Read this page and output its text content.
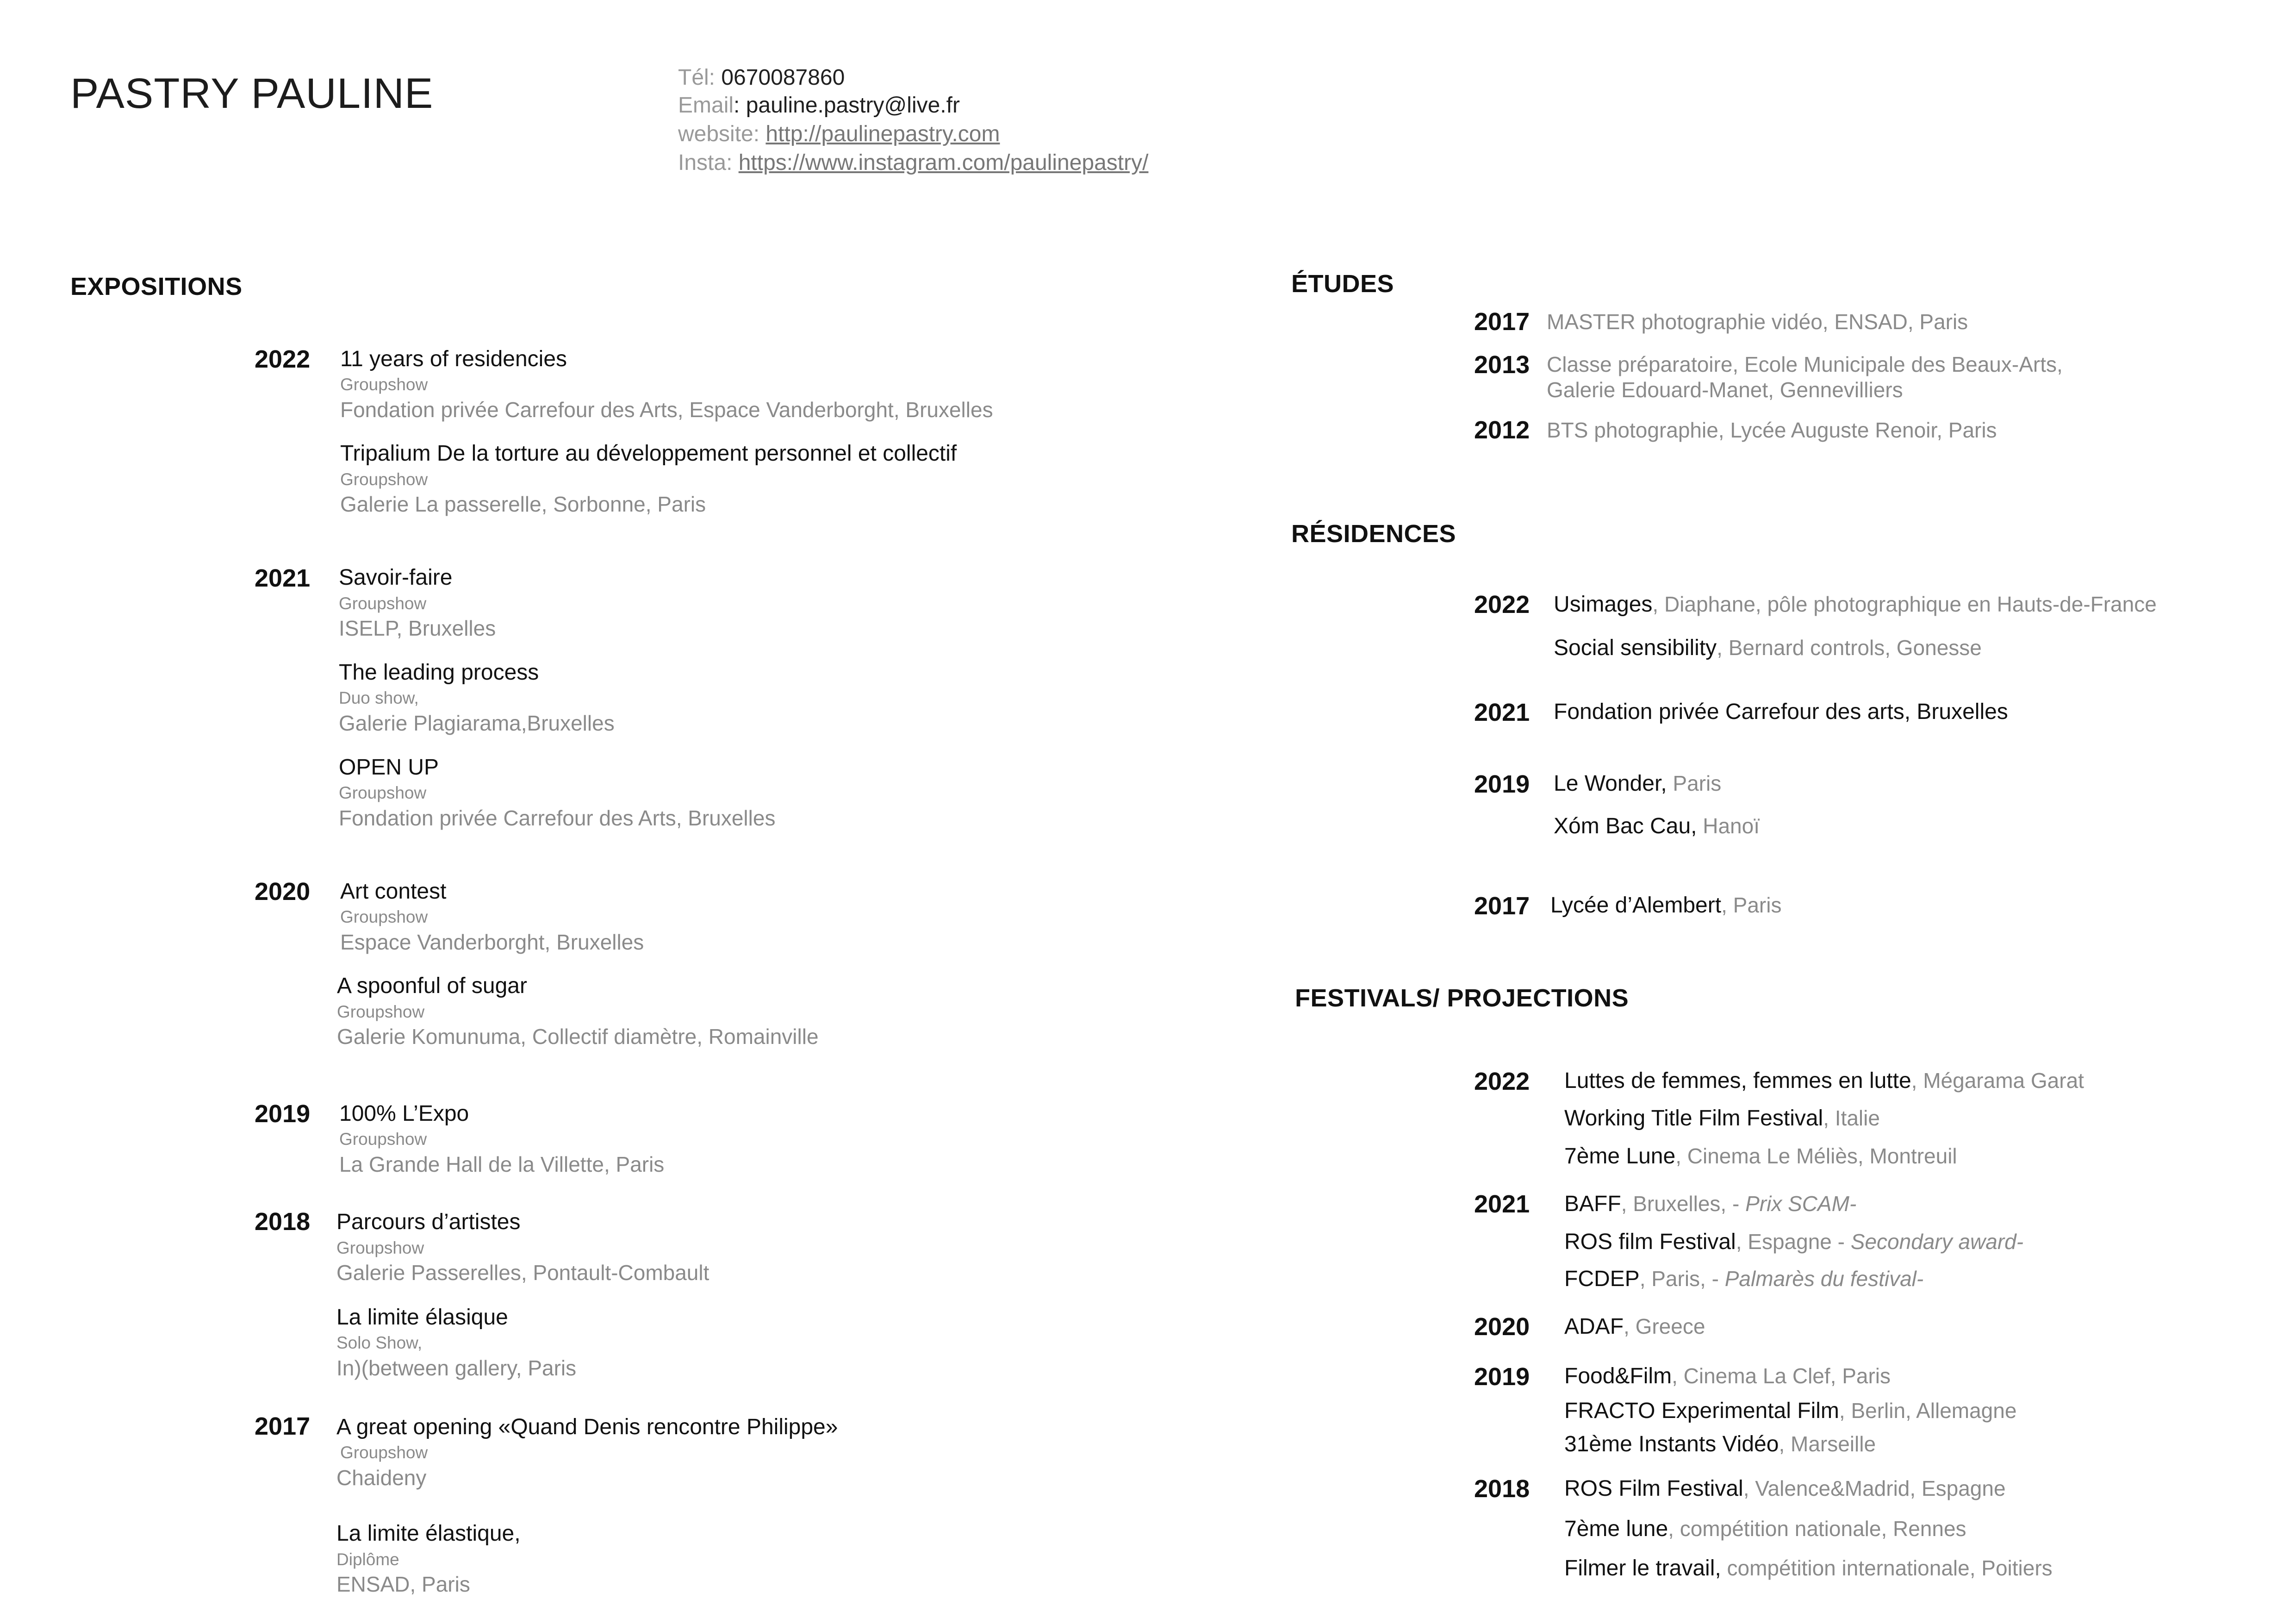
PASTRY PAULINE	Tél: 0670087860
Email: pauline.pastry@live.fr
website: http://paulinepastry.com
Insta: https://www.instagram.com/paulinepastry/
EXPOSITIONS
2022 11 years of residencies
Groupshow
Fondation privée Carrefour des Arts, Espace Vanderborght, Bruxelles
Tripalium De la torture au développement personnel et collectif
Groupshow
Galerie La passerelle, Sorbonne, Paris
2021 Savoir-faire
Groupshow
ISELP, Bruxelles
The leading process
Duo show,
Galerie Plagiarama,Bruxelles
OPEN UP
Groupshow
Fondation privée Carrefour des Arts, Bruxelles
2020 Art contest
Groupshow
Espace Vanderborght, Bruxelles
A spoonful of sugar
Groupshow
Galerie Komunuma, Collectif diamètre, Romainville
2019 100% L’Expo
Groupshow
La Grande Hall de la Villette, Paris
2018 Parcours d’artistes
Groupshow
Galerie Passerelles, Pontault-Combault
La limite élasique
Solo Show,
In)(between gallery, Paris
2017 A great opening «Quand Denis rencontre Philippe»
Groupshow
Chaideny
La limite élastique,
Diplôme
ENSAD, Paris
ÉTUDES
2017 MASTER photographie vidéo, ENSAD, Paris
2013 Classe préparatoire, Ecole Municipale des Beaux-Arts,
Galerie Edouard-Manet, Gennevilliers
2012 BTS photographie, Lycée Auguste Renoir, Paris
RÉSIDENCES
2022 Usimages, Diaphane, pôle photographique en Hauts-de-France
Social sensibility, Bernard controls, Gonesse
2021 Fondation privée Carrefour des arts, Bruxelles
2019 Le Wonder, Paris
Xóm Bac Cau, Hanoï
2017 Lycée d’Alembert, Paris
FESTIVALS/ PROJECTIONS
2022 Luttes de femmes, femmes en lutte, Mégarama Garat
Working Title Film Festival, Italie
7ème Lune, Cinema Le Méliès, Montreuil
2021 BAFF, Bruxelles, - Prix SCAM-
ROS film Festival, Espagne - Secondary award-
FCDEP, Paris, - Palmarès du festival-
2020 ADAF, Greece
2019 Food&Film, Cinema La Clef, Paris
FRACTO Experimental Film, Berlin, Allemagne
31ème Instants Vidéo, Marseille
2018 ROS Film Festival, Valence&Madrid, Espagne
7ème lune, compétition nationale, Rennes
Filmer le travail, compétition internationale, Poitiers
